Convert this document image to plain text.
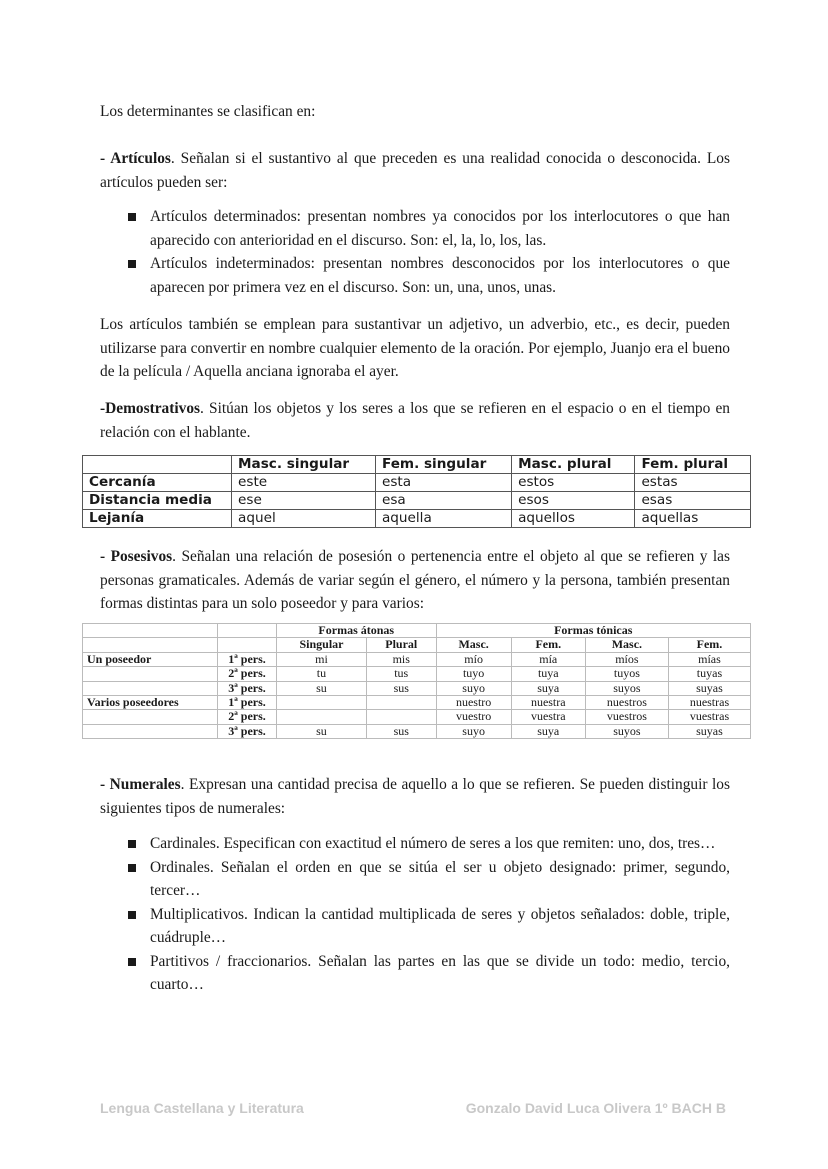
Los determinantes se clasifican en:
- Artículos. Señalan si el sustantivo al que preceden es una realidad conocida o desconocida. Los artículos pueden ser:
Artículos determinados: presentan nombres ya conocidos por los interlocutores o que han aparecido con anterioridad en el discurso. Son: el, la, lo, los, las.
Artículos indeterminados: presentan nombres desconocidos por los interlocutores o que aparecen por primera vez en el discurso. Son: un, una, unos, unas.
Los artículos también se emplean para sustantivar un adjetivo, un adverbio, etc., es decir, pueden utilizarse para convertir en nombre cualquier elemento de la oración. Por ejemplo, Juanjo era el bueno de la película / Aquella anciana ignoraba el ayer.
-Demostrativos. Sitúan los objetos y los seres a los que se refieren en el espacio o en el tiempo en relación con el hablante.
	Masc. singular	Fem. singular	Masc. plural	Fem. plural
Cercanía	este	esta	estos	estas
Distancia media	ese	esa	esos	esas
Lejanía	aquel	aquella	aquellos	aquellas
- Posesivos. Señalan una relación de posesión o pertenencia entre el objeto al que se refieren y las personas gramaticales. Además de variar según el género, el número y la persona, también presentan formas distintas para un solo poseedor y para varios:
		Formas átonas		Formas tónicas			
		Singular	Plural	Masc.	Fem.	Masc.	Fem.
Un poseedor	1ª pers.	mi	mis	mío	mía	míos	mías
	2ª pers.	tu	tus	tuyo	tuya	tuyos	tuyas
	3ª pers.	su	sus	suyo	suya	suyos	suyas
Varios poseedores	1ª pers.			nuestro	nuestra	nuestros	nuestras
	2ª pers.			vuestro	vuestra	vuestros	vuestras
	3ª pers.	su	sus	suyo	suya	suyos	suyas
- Numerales. Expresan una cantidad precisa de aquello a lo que se refieren. Se pueden distinguir los siguientes tipos de numerales:
Cardinales. Especifican con exactitud el número de seres a los que remiten: uno, dos, tres…
Ordinales. Señalan el orden en que se sitúa el ser u objeto designado: primer, segundo, tercer…
Multiplicativos. Indican la cantidad multiplicada de seres y objetos señalados: doble, triple, cuádruple…
Partitivos / fraccionarios. Señalan las partes en las que se divide un todo: medio, tercio, cuarto…
Lengua Castellana y Literatura	Gonzalo David Luca Olivera 1º BACH B
